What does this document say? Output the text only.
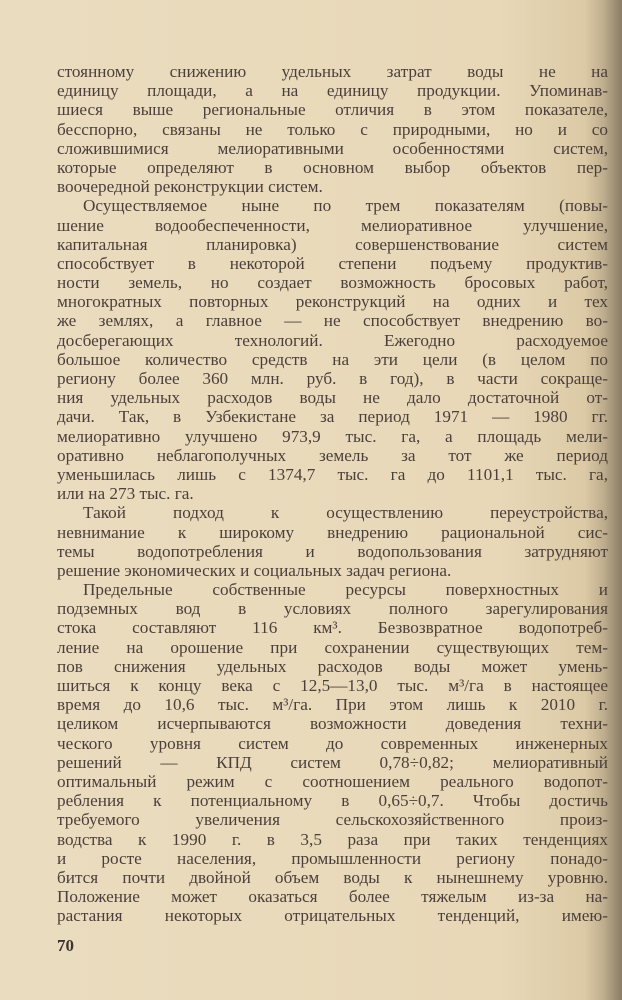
стоянному снижению удельных затрат воды не на
единицу площади, а на единицу продукции. Упоминав-
шиеся выше региональные отличия в этом показателе,
бесспорно, связаны не только с природными, но и со
сложившимися мелиоративными особенностями систем,
которые определяют в основном выбор объектов пер-
воочередной реконструкции систем.
Осуществляемое ныне по трем показателям (повы-
шение водообеспеченности, мелиоративное улучшение,
капитальная планировка) совершенствование систем
способствует в некоторой степени подъему продуктив-
ности земель, но создает возможность бросовых работ,
многократных повторных реконструкций на одних и тех
же землях, а главное — не способствует внедрению во-
досберегающих технологий. Ежегодно расходуемое
большое количество средств на эти цели (в целом по
региону более 360 млн. руб. в год), в части сокраще-
ния удельных расходов воды не дало достаточной от-
дачи. Так, в Узбекистане за период 1971 — 1980 гг.
мелиоративно улучшено 973,9 тыс. га, а площадь мели-
оративно неблагополучных земель за тот же период
уменьшилась лишь с 1374,7 тыс. га до 1101,1 тыс. га,
или на 273 тыс. га.
Такой подход к осуществлению переустройства,
невнимание к широкому внедрению рациональной сис-
темы водопотребления и водопользования затрудняют
решение экономических и социальных задач региона.
Предельные собственные ресурсы поверхностных и
подземных вод в условиях полного зарегулирования
стока составляют 116 км³. Безвозвратное водопотреб-
ление на орошение при сохранении существующих тем-
пов снижения удельных расходов воды может умень-
шиться к концу века с 12,5—13,0 тыс. м³/га в настоящее
время до 10,6 тыс. м³/га. При этом лишь к 2010 г.
целиком исчерпываются возможности доведения техни-
ческого уровня систем до современных инженерных
решений — КПД систем 0,78÷0,82; мелиоративный
оптимальный режим с соотношением реального водопот-
ребления к потенциальному в 0,65÷0,7. Чтобы достичь
требуемого увеличения сельскохозяйственного произ-
водства к 1990 г. в 3,5 раза при таких тенденциях
и росте населения, промышленности региону понадо-
бится почти двойной объем воды к нынешнему уровню.
Положение может оказаться более тяжелым из-за на-
растания некоторых отрицательных тенденций, имею-
70
